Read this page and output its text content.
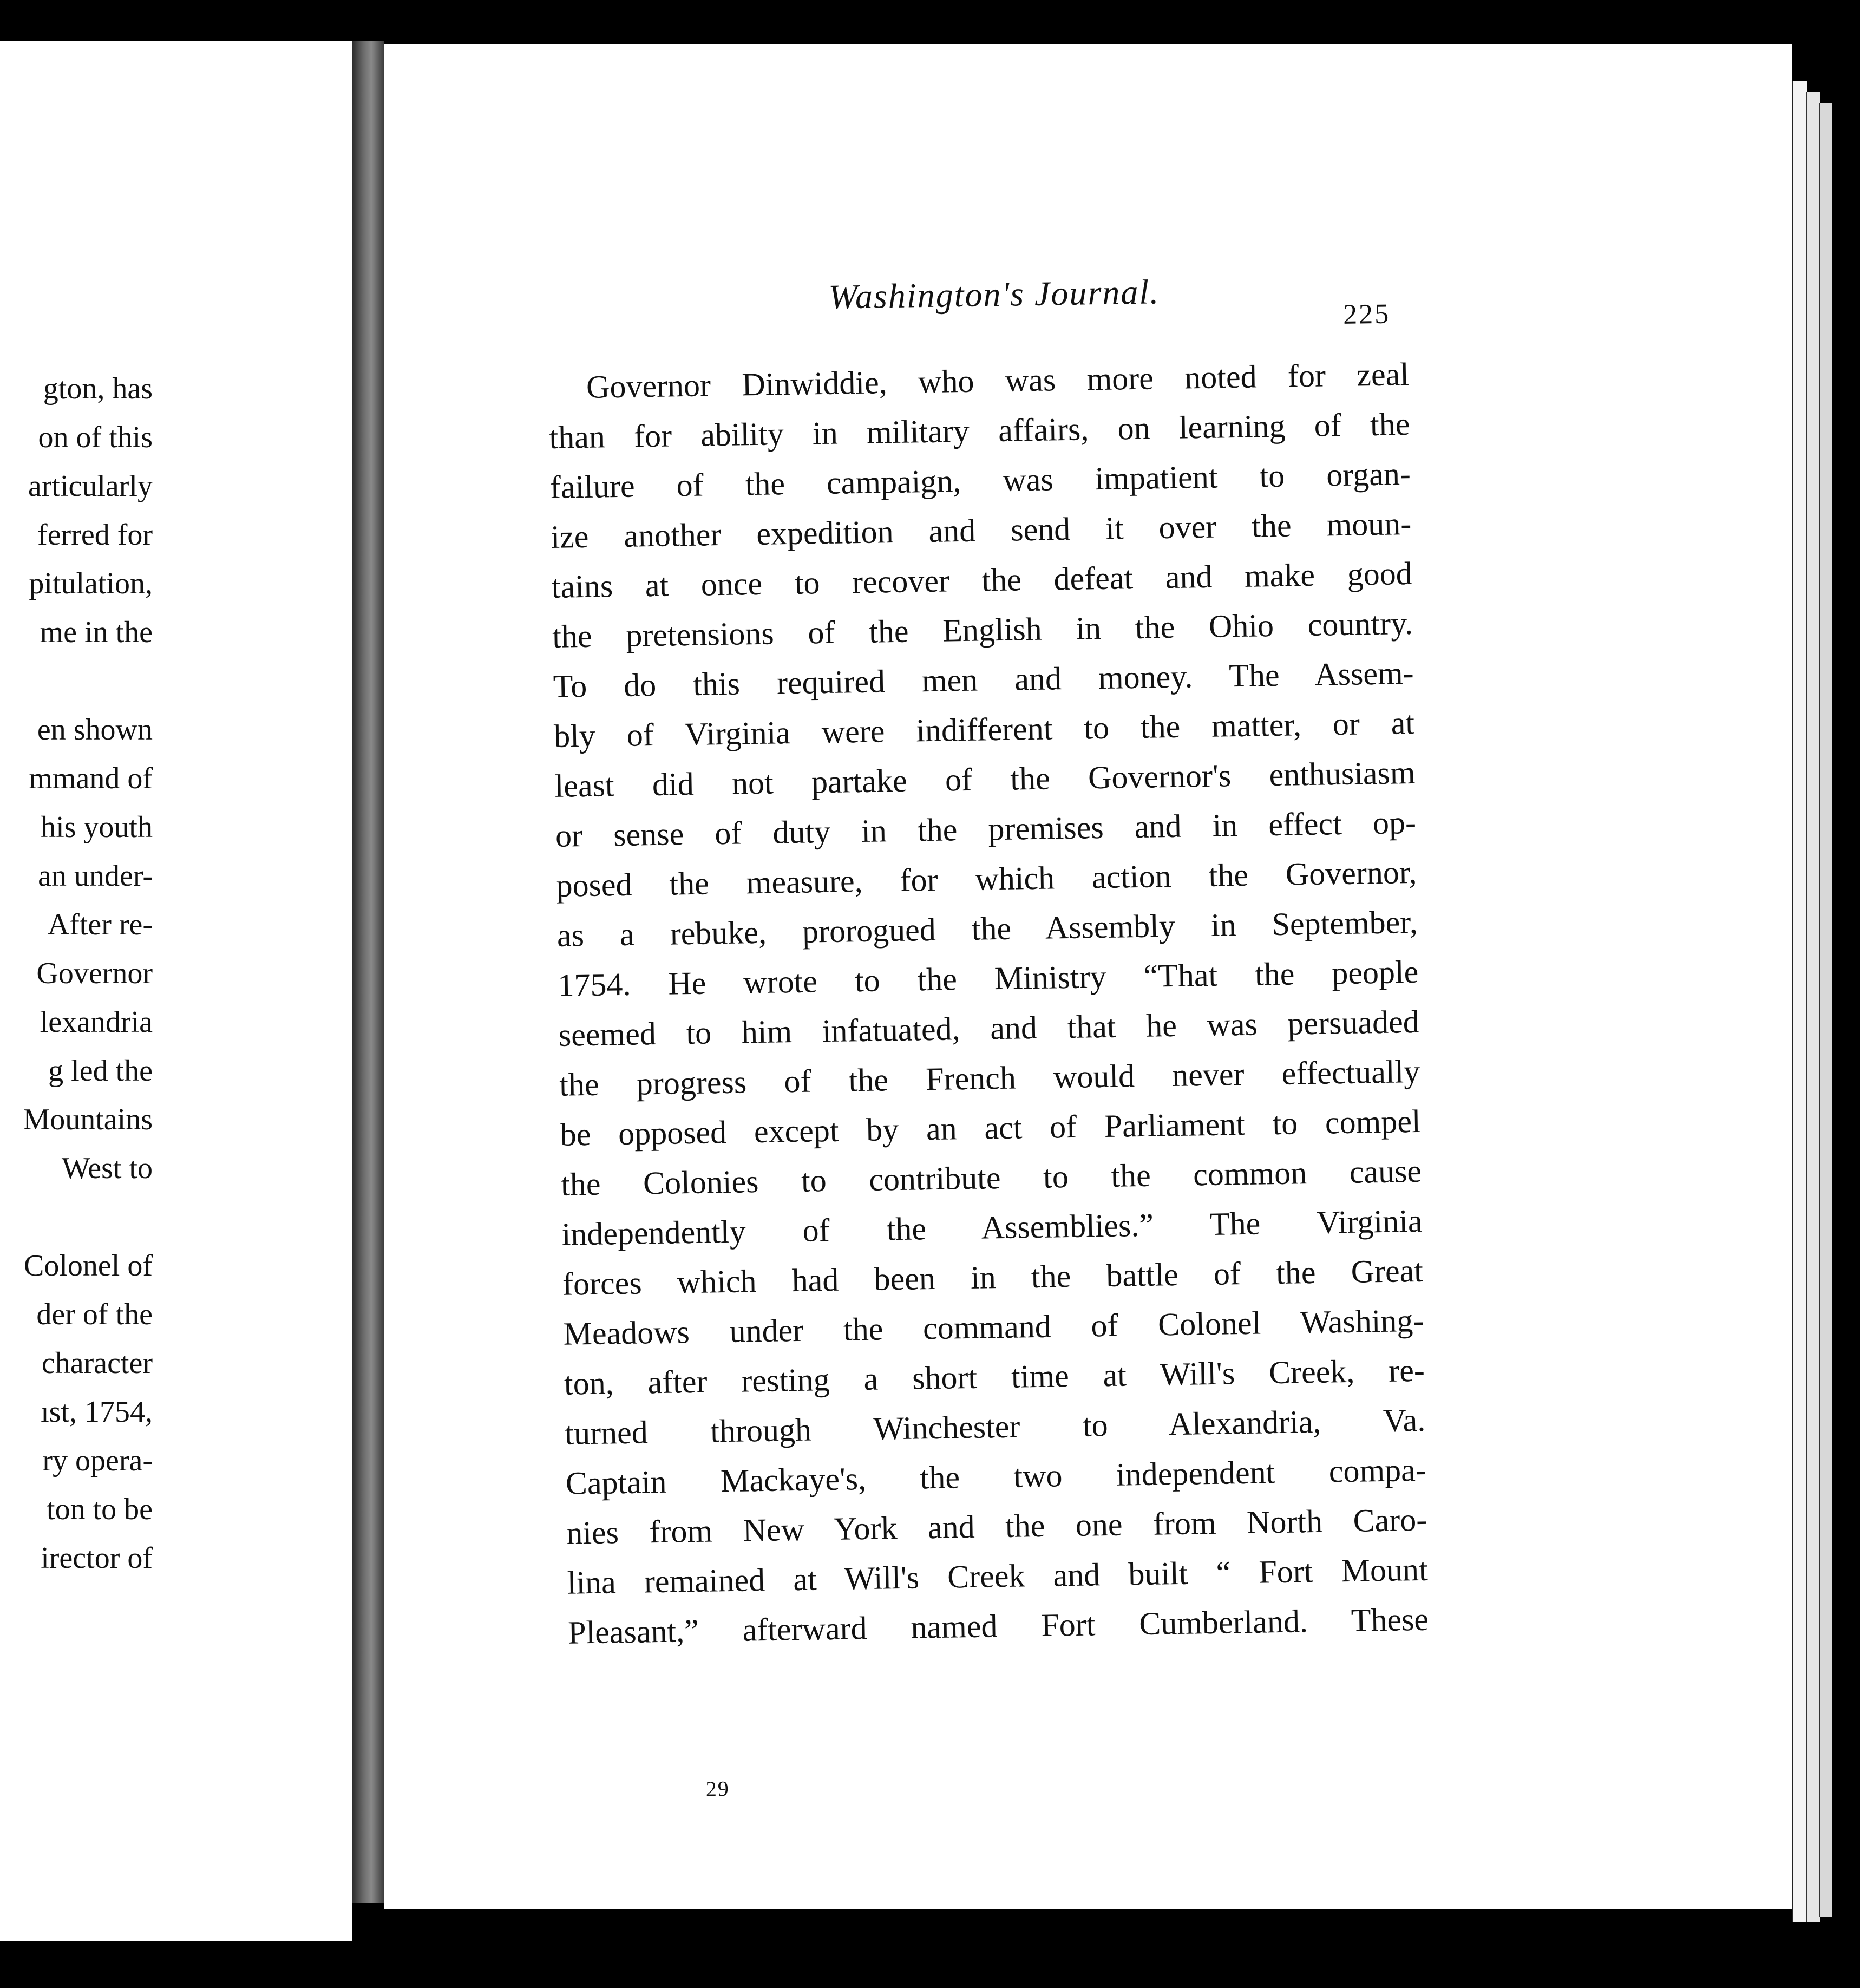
gton, has

on of this

articularly

ferred for

pitulation,

me in the

en shown

mmand of

his youth

an under-

After re-

Governor

lexandria

g led the

Mountains

West to

Colonel of

der of the

character

ıst, 1754,

ry opera-

ton to be

irector of

Washington's Journal.	225

Governor Dinwiddie, who was more noted for zeal

than for ability in military affairs, on learning of the

failure of the campaign, was impatient to organ-

ize another expedition and send it over the moun-

tains at once to recover the defeat and make good

the pretensions of the English in the Ohio country.

To do this required men and money. The Assem-

bly of Virginia were indifferent to the matter, or at

least did not partake of the Governor's enthusiasm

or sense of duty in the premises and in effect op-

posed the measure, for which action the Governor,

as a rebuke, prorogued the Assembly in September,

1754. He wrote to the Ministry “That the people

seemed to him infatuated, and that he was persuaded

the progress of the French would never effectually

be opposed except by an act of Parliament to compel

the Colonies to contribute to the common cause

independently of the Assemblies.” The Virginia

forces which had been in the battle of the Great

Meadows under the command of Colonel Washing-

ton, after resting a short time at Will's Creek, re-

turned through Winchester to Alexandria, Va.

Captain Mackaye's, the two independent compa-

nies from New York and the one from North Caro-

lina remained at Will's Creek and built “ Fort Mount

Pleasant,” afterward named Fort Cumberland. These

29
